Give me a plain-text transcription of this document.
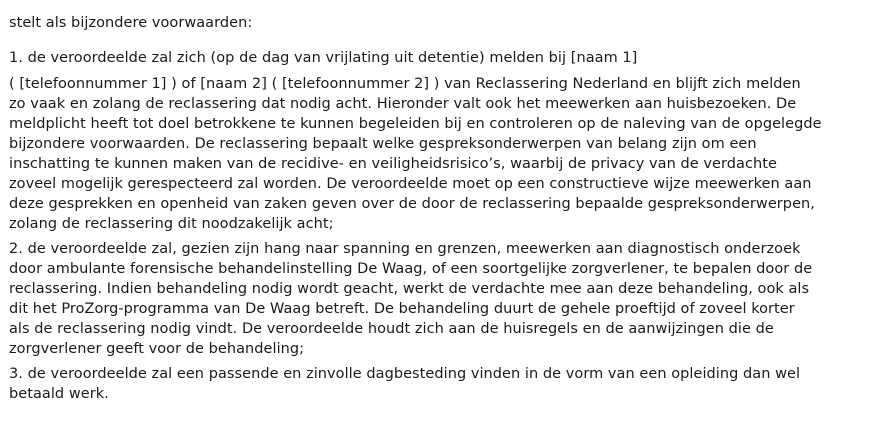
stelt als bijzondere voorwaarden:
1. de veroordeelde zal zich (op de dag van vrijlating uit detentie) melden bij [naam 1]
( [telefoonnummer 1] ) of [naam 2] ( [telefoonnummer 2] ) van Reclassering Nederland en blijft zich melden
zo vaak en zolang de reclassering dat nodig acht. Hieronder valt ook het meewerken aan huisbezoeken. De
meldplicht heeft tot doel betrokkene te kunnen begeleiden bij en controleren op de naleving van de opgelegde
bijzondere voorwaarden. De reclassering bepaalt welke gespreksonderwerpen van belang zijn om een
inschatting te kunnen maken van de recidive- en veiligheidsrisico’s, waarbij de privacy van de verdachte
zoveel mogelijk gerespecteerd zal worden. De veroordeelde moet op een constructieve wijze meewerken aan
deze gesprekken en openheid van zaken geven over de door de reclassering bepaalde gespreksonderwerpen,
zolang de reclassering dit noodzakelijk acht;
2. de veroordeelde zal, gezien zijn hang naar spanning en grenzen, meewerken aan diagnostisch onderzoek
door ambulante forensische behandelinstelling De Waag, of een soortgelijke zorgverlener, te bepalen door de
reclassering. Indien behandeling nodig wordt geacht, werkt de verdachte mee aan deze behandeling, ook als
dit het ProZorg-programma van De Waag betreft. De behandeling duurt de gehele proeftijd of zoveel korter
als de reclassering nodig vindt. De veroordeelde houdt zich aan de huisregels en de aanwijzingen die de
zorgverlener geeft voor de behandeling;
3. de veroordeelde zal een passende en zinvolle dagbesteding vinden in de vorm van een opleiding dan wel
betaald werk.
